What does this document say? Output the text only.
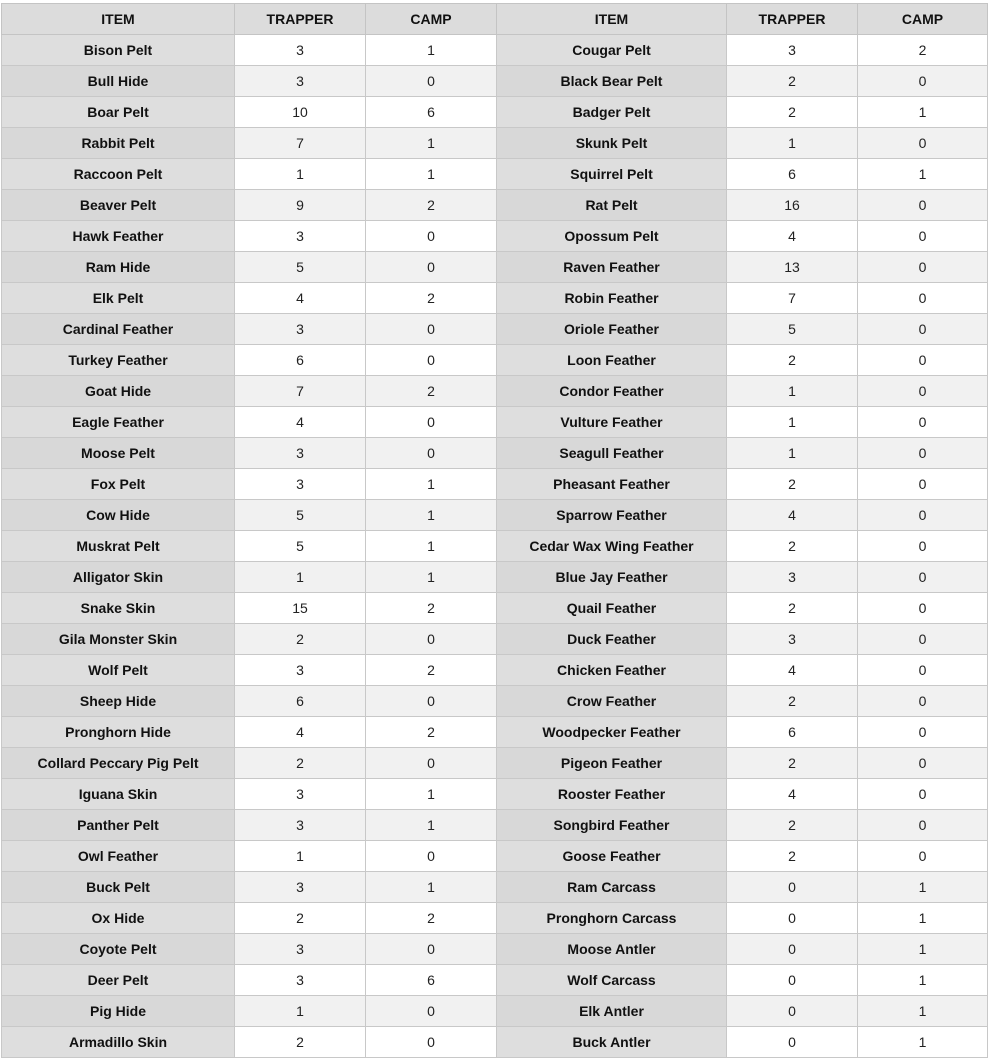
ITEM	TRAPPER	CAMP	ITEM	TRAPPER	CAMP
Bison Pelt	3	1	Cougar Pelt	3	2
Bull Hide	3	0	Black Bear Pelt	2	0
Boar Pelt	10	6	Badger Pelt	2	1
Rabbit Pelt	7	1	Skunk Pelt	1	0
Raccoon Pelt	1	1	Squirrel Pelt	6	1
Beaver Pelt	9	2	Rat Pelt	16	0
Hawk Feather	3	0	Opossum Pelt	4	0
Ram Hide	5	0	Raven Feather	13	0
Elk Pelt	4	2	Robin Feather	7	0
Cardinal Feather	3	0	Oriole Feather	5	0
Turkey Feather	6	0	Loon Feather	2	0
Goat Hide	7	2	Condor Feather	1	0
Eagle Feather	4	0	Vulture Feather	1	0
Moose Pelt	3	0	Seagull Feather	1	0
Fox Pelt	3	1	Pheasant Feather	2	0
Cow Hide	5	1	Sparrow Feather	4	0
Muskrat Pelt	5	1	Cedar Wax Wing Feather	2	0
Alligator Skin	1	1	Blue Jay Feather	3	0
Snake Skin	15	2	Quail Feather	2	0
Gila Monster Skin	2	0	Duck Feather	3	0
Wolf Pelt	3	2	Chicken Feather	4	0
Sheep Hide	6	0	Crow Feather	2	0
Pronghorn Hide	4	2	Woodpecker Feather	6	0
Collard Peccary Pig Pelt	2	0	Pigeon Feather	2	0
Iguana Skin	3	1	Rooster Feather	4	0
Panther Pelt	3	1	Songbird Feather	2	0
Owl Feather	1	0	Goose Feather	2	0
Buck Pelt	3	1	Ram Carcass	0	1
Ox Hide	2	2	Pronghorn Carcass	0	1
Coyote Pelt	3	0	Moose Antler	0	1
Deer Pelt	3	6	Wolf Carcass	0	1
Pig Hide	1	0	Elk Antler	0	1
Armadillo Skin	2	0	Buck Antler	0	1
